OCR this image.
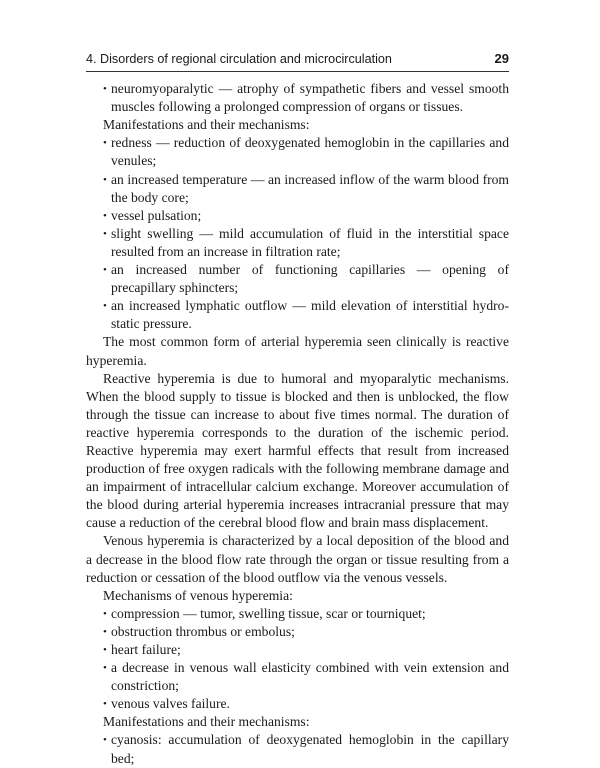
4. Disorders of regional circulation and microcirculation	29
• neuromyoparalytic — atrophy of sympathetic fibers and vessel smooth muscles following a prolonged compression of organs or tissues.

Manifestations and their mechanisms:

• redness — reduction of deoxygenated hemoglobin in the capillaries and venules;
• an increased temperature — an increased inflow of the warm blood from the body core;
• vessel pulsation;
• slight swelling — mild accumulation of fluid in the interstitial space resulted from an increase in filtration rate;
• an increased number of functioning capillaries — opening of precapillary sphincters;
• an increased lymphatic outflow — mild elevation of interstitial hydro-static pressure.

The most common form of arterial hyperemia seen clinically is reactive hyperemia.

Reactive hyperemia is due to humoral and myoparalytic mechanisms. When the blood supply to tissue is blocked and then is unblocked, the flow through the tissue can increase to about five times normal. The duration of reactive hyperemia corresponds to the duration of the ischemic period. Reactive hyperemia may exert harmful effects that result from increased production of free oxygen radicals with the following membrane damage and an impairment of intracellular calcium exchange. Moreover accumulation of the blood during arterial hyperemia increases intracranial pressure that may cause a reduction of the cerebral blood flow and brain mass displacement.

Venous hyperemia is characterized by a local deposition of the blood and a decrease in the blood flow rate through the organ or tissue resulting from a reduction or cessation of the blood outflow via the venous vessels.

Mechanisms of venous hyperemia:

• compression — tumor, swelling tissue, scar or tourniquet;
• obstruction thrombus or embolus;
• heart failure;
• a decrease in venous wall elasticity combined with vein extension and constriction;
• venous valves failure.

Manifestations and their mechanisms:

• cyanosis: accumulation of deoxygenated hemoglobin in the capillary bed;
